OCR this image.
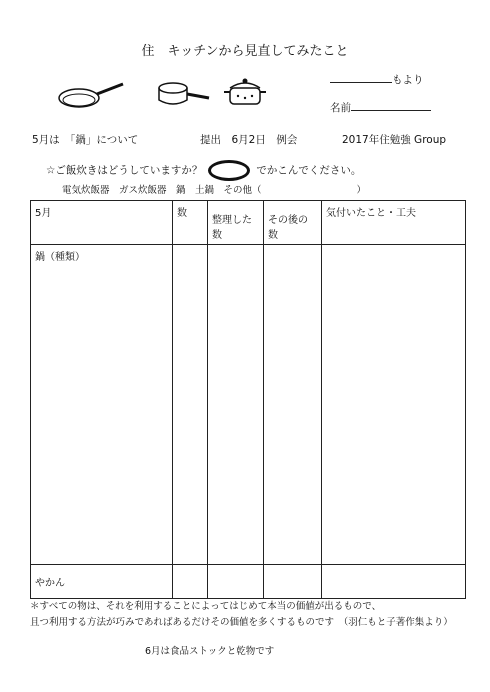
住　キッチンから見直してみたこと
もより
名前
5月は　「鍋」について	提出　6月2日　例会	2017年住勉強 Group
☆ご飯炊きはどうしていますか？	でかこんでください。
電気炊飯器　ガス炊飯器　鍋　土鍋　その他（　　　　　　　　　　）
5月	数	整理した数	その後の数	気付いたこと・工夫
鍋（種類）				
やかん				
＊すべての物は、それを利用することによってはじめて本当の価値が出るもので、
且つ利用する方法が巧みであればあるだけその価値を多くするものです　（羽仁もと子著作集より）
6月は食品ストックと乾物です
